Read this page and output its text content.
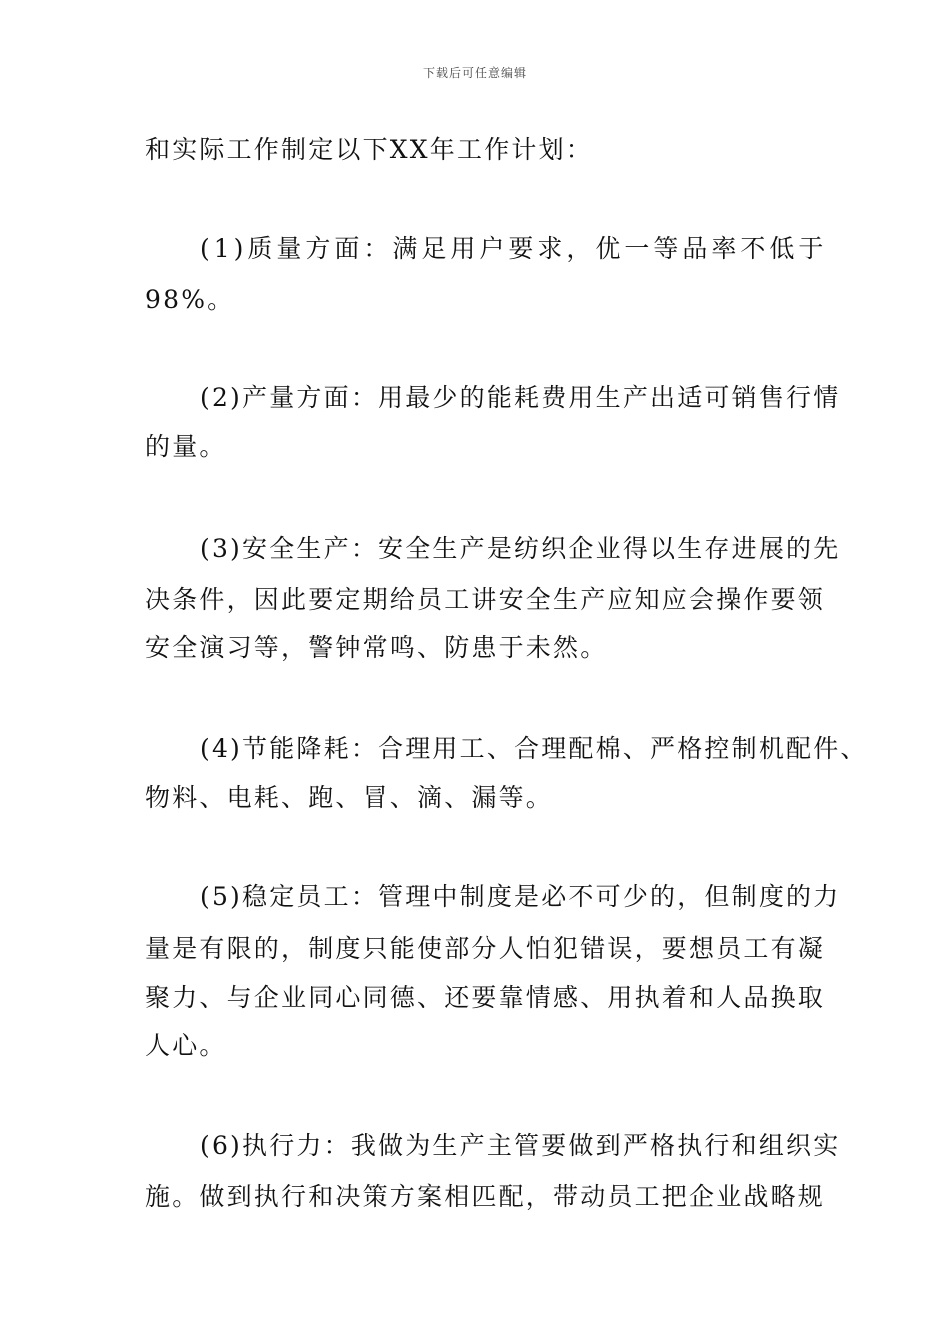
下载后可任意编辑
和实际工作制定以下XX年工作计划：
(1)质量方面：满足用户要求，优一等品率不低于
98%。
(2)产量方面：用最少的能耗费用生产出适可销售行情
的量。
(3)安全生产：安全生产是纺织企业得以生存进展的先
决条件，因此要定期给员工讲安全生产应知应会操作要领
安全演习等，警钟常鸣、防患于未然。
(4)节能降耗：合理用工、合理配棉、严格控制机配件、
物料、电耗、跑、冒、滴、漏等。
(5)稳定员工：管理中制度是必不可少的，但制度的力
量是有限的，制度只能使部分人怕犯错误，要想员工有凝
聚力、与企业同心同德、还要靠情感、用执着和人品换取
人心。
(6)执行力：我做为生产主管要做到严格执行和组织实
施。做到执行和决策方案相匹配，带动员工把企业战略规
